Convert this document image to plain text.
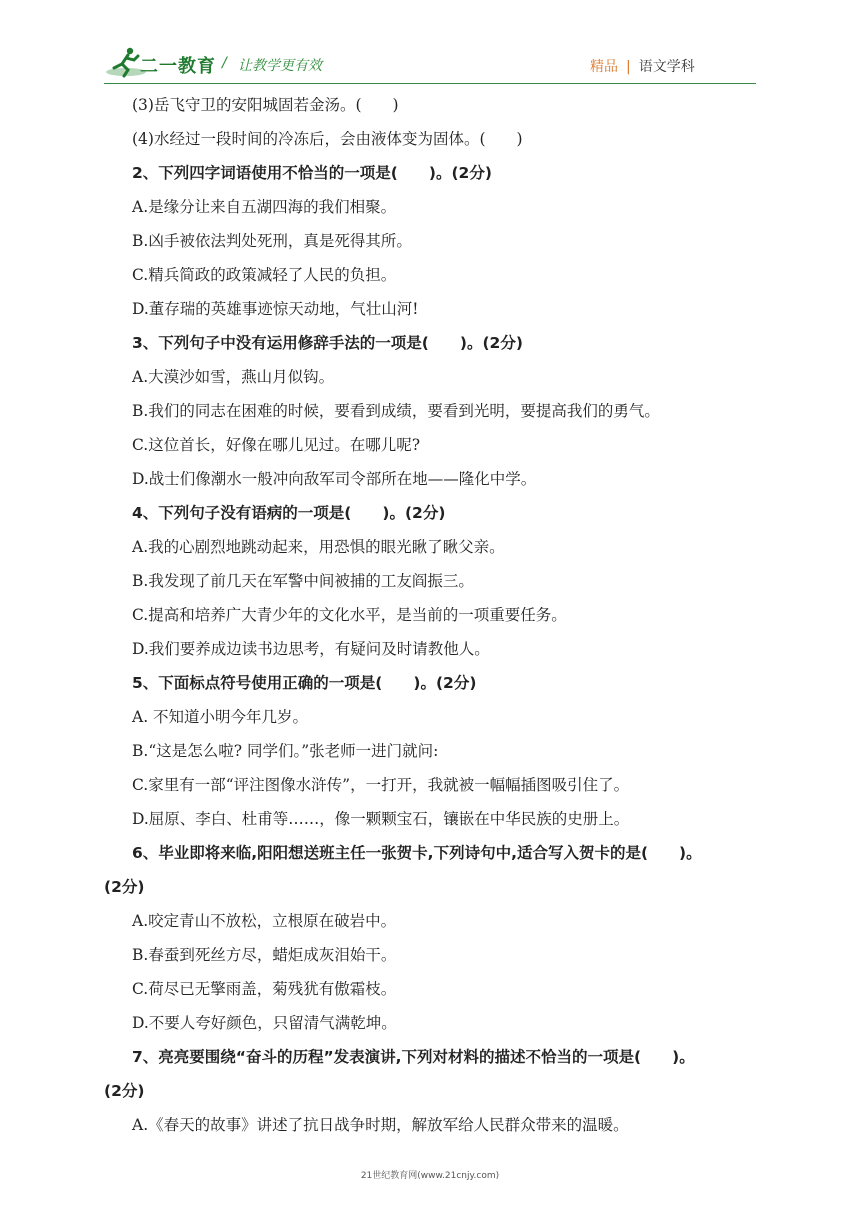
二一教育 / 让教学更有效	精品 | 语文学科
(3)岳飞守卫的安阳城固若金汤。(　　)
(4)水经过一段时间的冷冻后，会由液体变为固体。(　　)
2、下列四字词语使用不恰当的一项是(　　)。(2分)
A.是缘分让来自五湖四海的我们相聚。
B.凶手被依法判处死刑，真是死得其所。
C.精兵简政的政策减轻了人民的负担。
D.董存瑞的英雄事迹惊天动地，气壮山河!
3、下列句子中没有运用修辞手法的一项是(　　)。(2分)
A.大漠沙如雪，燕山月似钩。
B.我们的同志在困难的时候，要看到成绩，要看到光明，要提高我们的勇气。
C.这位首长，好像在哪儿见过。在哪儿呢?
D.战士们像潮水一般冲向敌军司令部所在地——隆化中学。
4、下列句子没有语病的一项是(　　)。(2分)
A.我的心剧烈地跳动起来，用恐惧的眼光瞅了瞅父亲。
B.我发现了前几天在军警中间被捕的工友阎振三。
C.提高和培养广大青少年的文化水平，是当前的一项重要任务。
D.我们要养成边读书边思考，有疑问及时请教他人。
5、下面标点符号使用正确的一项是(　　)。(2分)
A. 不知道小明今年几岁。
B.“这是怎么啦? 同学们。”张老师一进门就问:
C.家里有一部“评注图像水浒传”，一打开，我就被一幅幅插图吸引住了。
D.屈原、李白、杜甫等……，像一颗颗宝石，镶嵌在中华民族的史册上。
6、毕业即将来临,阳阳想送班主任一张贺卡,下列诗句中,适合写入贺卡的是(　　)。
(2分)
A.咬定青山不放松，立根原在破岩中。
B.春蚕到死丝方尽，蜡炬成灰泪始干。
C.荷尽已无擎雨盖，菊残犹有傲霜枝。
D.不要人夸好颜色，只留清气满乾坤。
7、亮亮要围绕“奋斗的历程”发表演讲,下列对材料的描述不恰当的一项是(　　)。
(2分)
A.《春天的故事》讲述了抗日战争时期，解放军给人民群众带来的温暖。
21世纪教育网(www.21cnjy.com)
